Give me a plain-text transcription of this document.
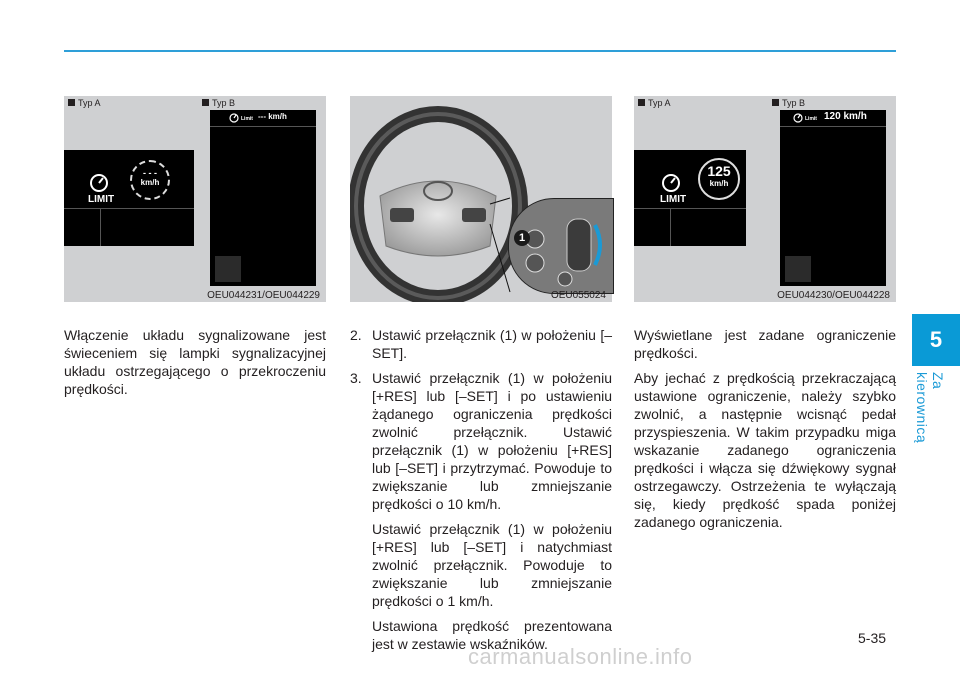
Typ A	Typ B
LIMIT
- - -
km/h
Limit --- km/h
OEU044231/OEU044229
1
OEU055024
Typ A	Typ B
LIMIT
125
km/h
Limit 120 km/h
OEU044230/OEU044228

Włączenie układu sygnalizowane jest świeceniem się lampki sygnalizacyjnej układu ostrzegającego o przekroczeniu prędkości.

2. Ustawić przełącznik (1) w położeniu [–SET].
3. Ustawić przełącznik (1) w położeniu [+RES] lub [–SET] i po ustawieniu żądanego ograniczenia prędkości zwolnić przełącznik. Ustawić przełącznik (1) w położeniu [+RES] lub [–SET] i przytrzymać. Powoduje to zwiększanie lub zmniejszanie prędkości o 10 km/h.

Ustawić przełącznik (1) w położeniu [+RES] lub [–SET] i natychmiast zwolnić przełącznik. Powoduje to zwiększanie lub zmniejszanie prędkości o 1 km/h.

Ustawiona prędkość prezentowana jest w zestawie wskaźników.

Wyświetlane jest zadane ograniczenie prędkości.

Aby jechać z prędkością przekraczającą ustawione ograniczenie, należy szybko zwolnić, a następnie wcisnąć pedał przyspieszenia. W takim przypadku miga wskazanie zadanego ograniczenia prędkości i włącza się dźwiękowy sygnał ostrzegawczy. Ostrzeżenia te wyłączają się, kiedy prędkość spada poniżej zadanego ograniczenia.

5
Za kierownicą
5-35
carmanualsonline.info
